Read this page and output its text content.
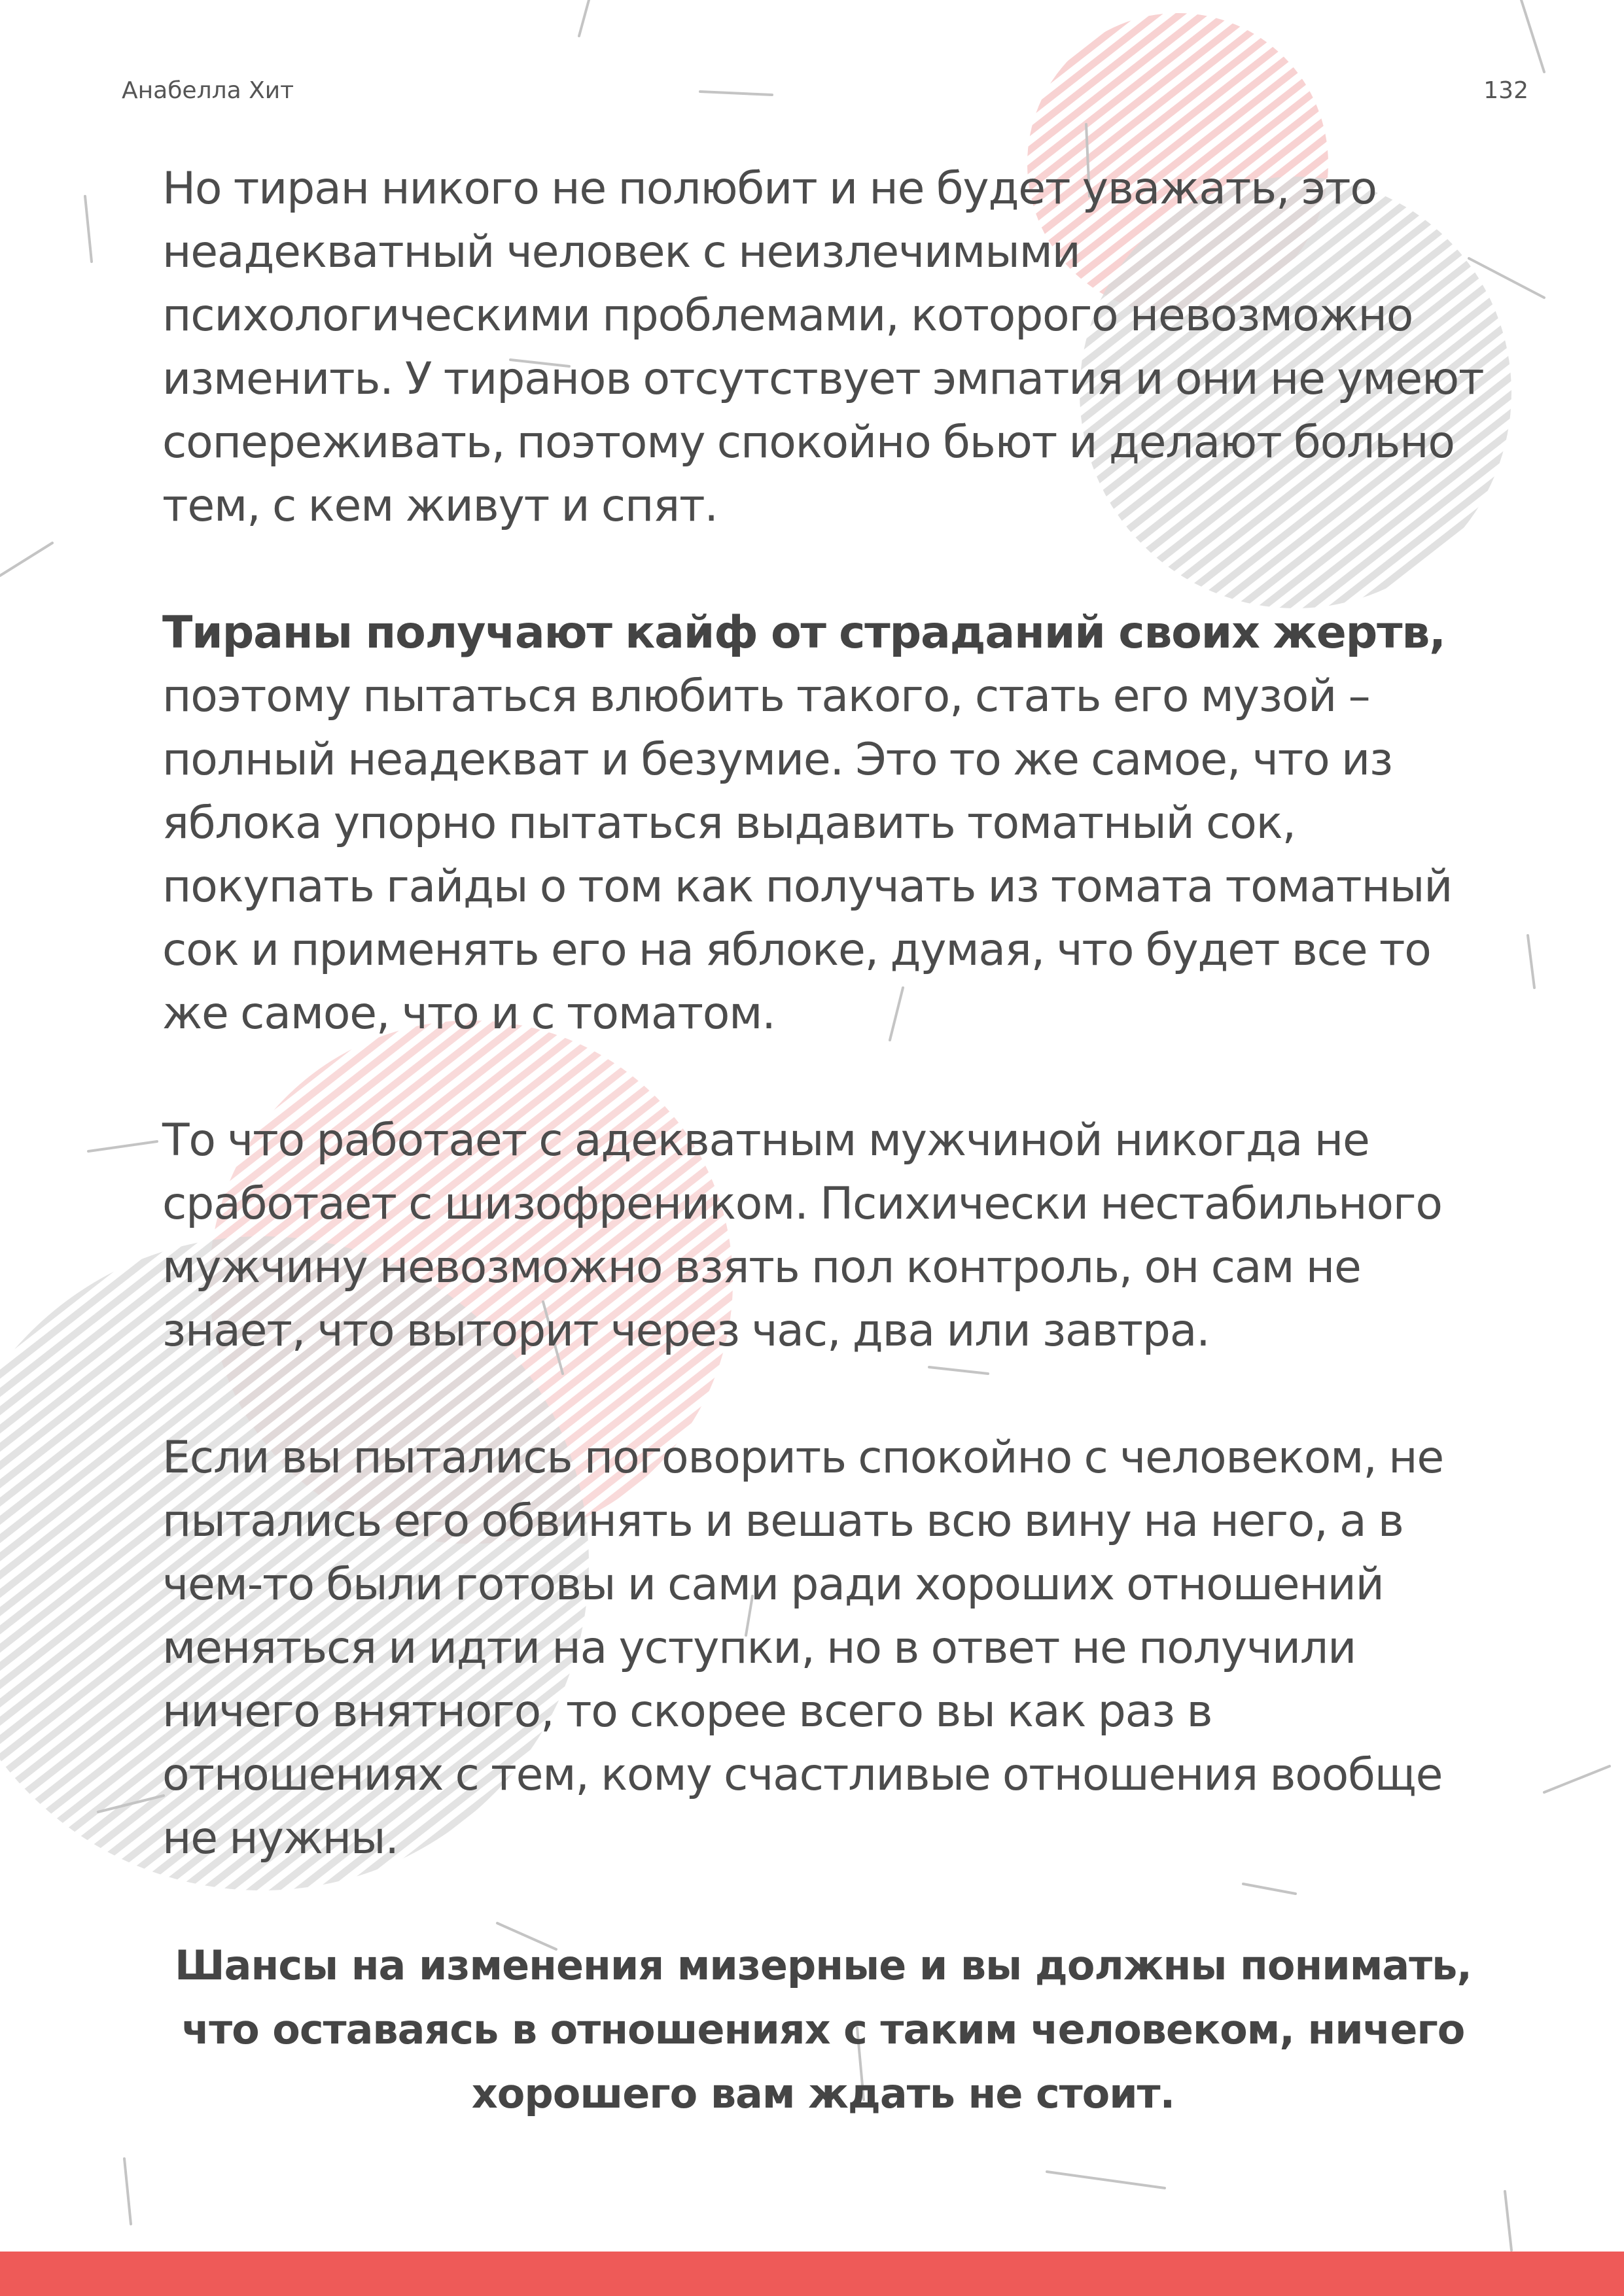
Анабелла Хит	132

Но тиран никого не полюбит и не будет уважать, это неадекватный человек с неизлечимыми психологическими проблемами, которого невозможно изменить. У тиранов отсутствует эмпатия и они не умеют сопереживать, поэтому спокойно бьют и делают больно тем, с кем живут и спят.

Тираны получают кайф от страданий своих жертв, поэтому пытаться влюбить такого, стать его музой – полный неадекват и безумие. Это то же самое, что из яблока упорно пытаться выдавить томатный сок, покупать гайды о том как получать из томата томатный сок и применять его на яблоке, думая, что будет все то же самое, что и с томатом.

То что работает с адекватным мужчиной никогда не сработает с шизофреником. Психически нестабильного мужчину невозможно взять пол контроль, он сам не знает, что выторит через час, два или завтра.

Если вы пытались поговорить спокойно с человеком, не пытались его обвинять и вешать всю вину на него, а в чем-то были готовы и сами ради хороших отношений меняться и идти на уступки, но в ответ не получили ничего внятного, то скорее всего вы как раз в отношениях с тем, кому счастливые отношения вообще не нужны.

Шансы на изменения мизерные и вы должны понимать, что оставаясь в отношениях с таким человеком, ничего хорошего вам ждать не стоит.
